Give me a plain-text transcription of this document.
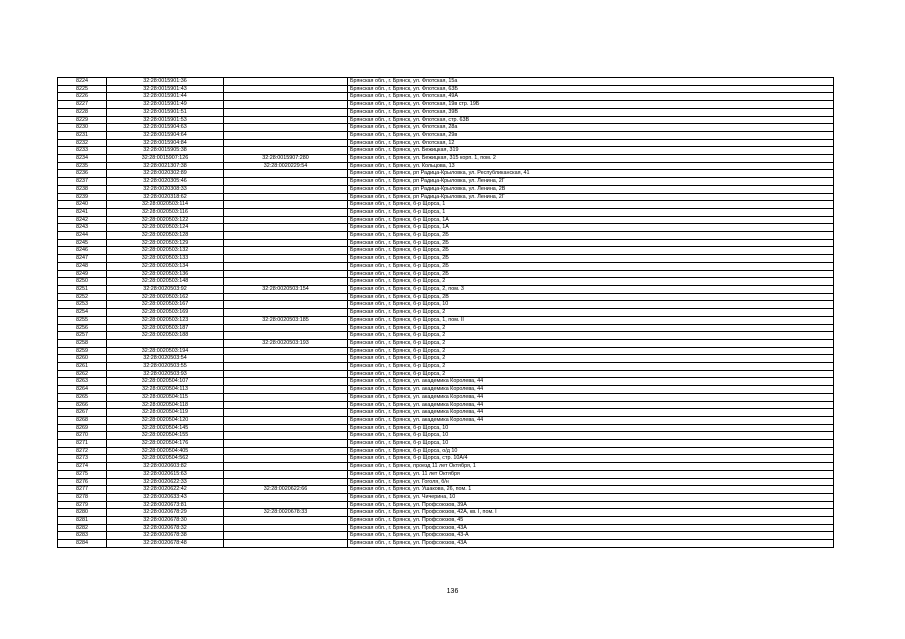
8224	32:28:0015901:36		Брянская обл., г. Брянск, ул. Флотская, 15а
8225	32:28:0015901:43		Брянская обл., г. Брянск, ул. Флотская, 63Б
8226	32:28:0015901:44		Брянская обл., г. Брянск, ул. Флотская, 49А
8227	32:28:0015901:49		Брянская обл., г. Брянск, ул. Флотская, 19в стр. 19Б
8228	32:28:0015901:51		Брянская обл., г. Брянск, ул. Флотская, 39В
8229	32:28:0015901:53		Брянская обл., г. Брянск, ул. Флотская, стр. 63В
8230	32:28:0015904:63		Брянская обл., г. Брянск, ул. Флотская, 28а
8231	32:28:0015904:64		Брянская обл., г. Брянск, ул. Флотская, 29в
8232	32:28:0015904:84		Брянская обл., г. Брянск, ул. Флотская, 12
8233	32:28:0015905:38		Брянская обл., г. Брянск, ул. Бежицкая, 319
8234	32:28:0015907:126	32:28:0015907:280	Брянская обл., г. Брянск, ул. Бежицкая, 315 корп. 1, пом. 2
8235	32:28:0021307:38	32:28:0020229:54	Брянская обл., г. Брянск, ул. Кольцова, 13
8236	32:28:0020302:89		Брянская обл., г. Брянск, рп Радица-Крыловка, ул. Республиканская, 41
8237	32:28:0020305:46		Брянская обл., г. Брянск, рп Радица-Крыловка, ул. Ленина, 2Г
8238	32:28:0020308:33		Брянская обл., г. Брянск, рп Радица-Крыловка, ул. Ленина, 2В
8239	32:28:0020318:62		Брянская обл., г. Брянск, рп Радица-Крыловка, ул. Ленина, 2Г
8240	32:28:0020503:114		Брянская обл., г. Брянск, б-р Щорса, 1
8241	32:28:0020503:116		Брянская обл., г. Брянск, б-р Щорса, 1
8242	32:28:0020503:122		Брянская обл., г. Брянск, б-р Щорса, 1А
8243	32:28:0020503:124		Брянская обл., г. Брянск, б-р Щорса, 1А
8244	32:28:0020503:128		Брянская обл., г. Брянск, б-р Щорса, 2Б
8245	32:28:0020503:129		Брянская обл., г. Брянск, б-р Щорса, 2Б
8246	32:28:0020503:132		Брянская обл., г. Брянск, б-р Щорса, 2Б
8247	32:28:0020503:133		Брянская обл., г. Брянск, б-р Щорса, 2Б
8248	32:28:0020503:134		Брянская обл., г. Брянск, б-р Щорса, 2Б
8249	32:28:0020503:136		Брянская обл., г. Брянск, б-р Щорса, 2Б
8250	32:28:0020503:148		Брянская обл., г. Брянск, б-р Щорса, 2
8251	32:28:0020503:92	32:28:0020503:154	Брянская обл., г. Брянск, б-р Щорса, 2, пом. 3
8252	32:28:0020503:162		Брянская обл., г. Брянск, б-р Щорса, 2В
8253	32:28:0020503:167		Брянская обл., г. Брянск, б-р Щорса, 10
8254	32:28:0020503:169		Брянская обл., г. Брянск, б-р Щорса, 2
8255	32:28:0020503:123	32:28:0020503:185	Брянская обл., г. Брянск, б-р Щорса, 1, пом. II
8256	32:28:0020503:187		Брянская обл., г. Брянск, б-р Щорса, 2
8257	32:28:0020503:188		Брянская обл., г. Брянск, б-р Щорса, 2
8258		32:28:0020503:193	Брянская обл., г. Брянск, б-р Щорса, 2
8259	32:28:0020503:194		Брянская обл., г. Брянск, б-р Щорса, 2
8260	32:28:0020503:54		Брянская обл., г. Брянск, б-р Щорса, 2
8261	32:28:0020503:55		Брянская обл., г. Брянск, б-р Щорса, 2
8262	32:28:0020503:93		Брянская обл., г. Брянск, б-р Щорса, 2
8263	32:28:0020504:107		Брянская обл., г. Брянск, ул. академика Королева, 44
8264	32:28:0020504:113		Брянская обл., г. Брянск, ул. академика Королева, 44
8265	32:28:0020504:115		Брянская обл., г. Брянск, ул. академика Королева, 44
8266	32:28:0020504:118		Брянская обл., г. Брянск, ул. академика Королева, 44
8267	32:28:0020504:119		Брянская обл., г. Брянск, ул. академика Королева, 44
8268	32:28:0020504:120		Брянская обл., г. Брянск, ул. академика Королева, 44
8269	32:28:0020504:145		Брянская обл., г. Брянск, б-р Щорса, 10
8270	32:28:0020504:155		Брянская обл., г. Брянск, б-р Щорса, 10
8271	32:28:0020504:176		Брянская обл., г. Брянск, б-р Щорса, 10
8272	32:28:0020504:405		Брянская обл., г. Брянск, б-р Щорса, о/д 10
8273	32:28:0020504:562		Брянская обл., г. Брянск, б-р Щорса, стр. 10А/4
8274	32:28:0020603:82		Брянская обл., г. Брянск, проезд 11 лет Октября, 1
8275	32:28:0020615:63		Брянская обл., г. Брянск, ул. 11 лет Октября
8276	32:28:0020622:33		Брянская обл., г. Брянск, ул. Гоголя, б/н
8277	32:28:0020622:42	32:28:0020622:66	Брянская обл., г. Брянск, ул. Ушакова, 26, пом. 1
8278	32:28:0020633:43		Брянская обл., г. Брянск, ул. Чичерина, 10
8279	32:28:0020673:81		Брянская обл., г. Брянск, ул. Профсоюзов, 39А
8280	32:28:0020678:29	32:28:0020678:33	Брянская обл., г. Брянск, ул. Профсоюзов, 42А, кв. I, пом. I
8281	32:28:0020678:30		Брянская обл., г. Брянск, ул. Профсоюзов, 45
8282	32:28:0020678:32		Брянская обл., г. Брянск, ул. Профсоюзов, 43А
8283	32:28:0020678:38		Брянская обл., г. Брянск, ул. Профсоюзов, 43-А
8284	32:28:0020678:48		Брянская обл., г. Брянск, ул. Профсоюзов, 43А
136
